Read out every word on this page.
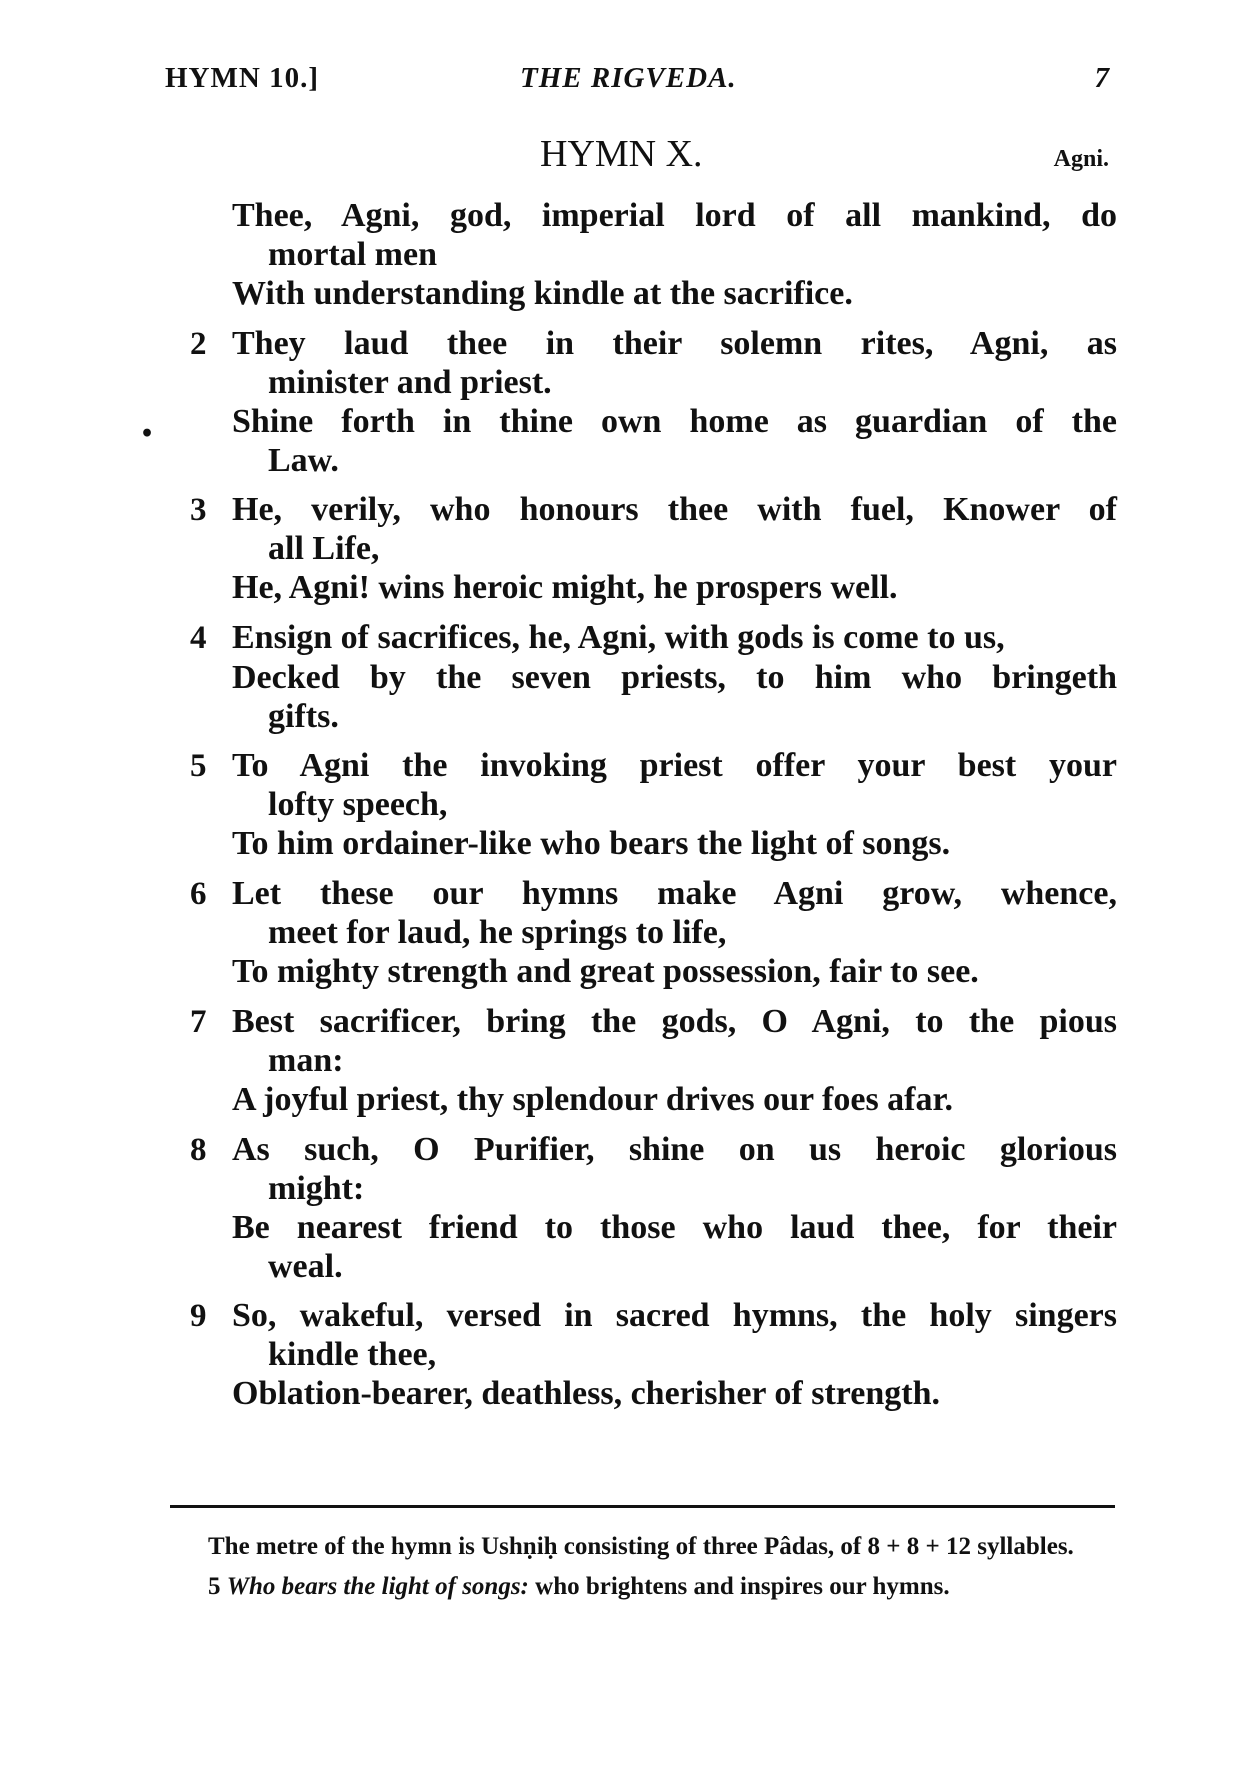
HYMN 10.]	THE RIGVEDA.	7
HYMN X.	Agni.
•
Thee, Agni, god, imperial lord of all mankind, do
mortal men
With understanding kindle at the sacrifice.
2 They laud thee in their solemn rites, Agni, as
minister and priest.
Shine forth in thine own home as guardian of the
Law.
3 He, verily, who honours thee with fuel, Knower of
all Life,
He, Agni! wins heroic might, he prospers well.
4 Ensign of sacrifices, he, Agni, with gods is come to us,
Decked by the seven priests, to him who bringeth
gifts.
5 To Agni the invoking priest offer your best your
lofty speech,
To him ordainer-like who bears the light of songs.
6 Let these our hymns make Agni grow, whence,
meet for laud, he springs to life,
To mighty strength and great possession, fair to see.
7 Best sacrificer, bring the gods, O Agni, to the pious
man:
A joyful priest, thy splendour drives our foes afar.
8 As such, O Purifier, shine on us heroic glorious
might:
Be nearest friend to those who laud thee, for their
weal.
9 So, wakeful, versed in sacred hymns, the holy singers
kindle thee,
Oblation-bearer, deathless, cherisher of strength.
The metre of the hymn is Ushṇiḥ consisting of three Pâdas, of 8 + 8 + 12 syllables.
5 Who bears the light of songs: who brightens and inspires our hymns.
